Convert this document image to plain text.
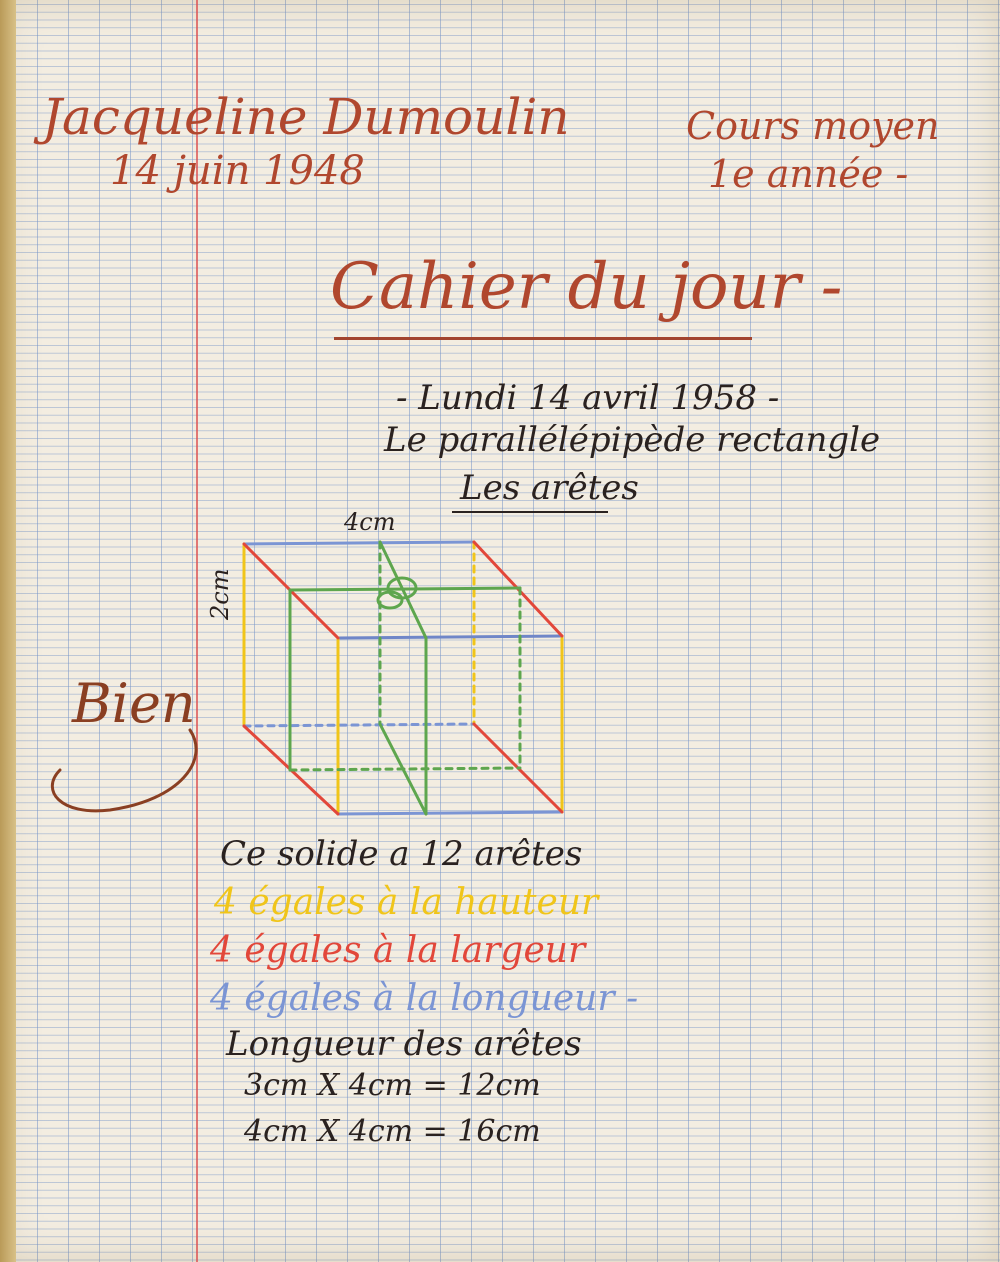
Jacqueline Dumoulin
14 juin 1948
Cours moyen
1e année -
Cahier du jour -
- Lundi 14 avril 1958 -
Le parallélépipède rectangle
Les arêtes
4cm
2cm
Bien
Ce solide a 12 arêtes
4 égales à la hauteur
4 égales à la largeur
4 égales à la longueur -
Longueur des arêtes
3cm X 4cm = 12cm
4cm X 4cm = 16cm
